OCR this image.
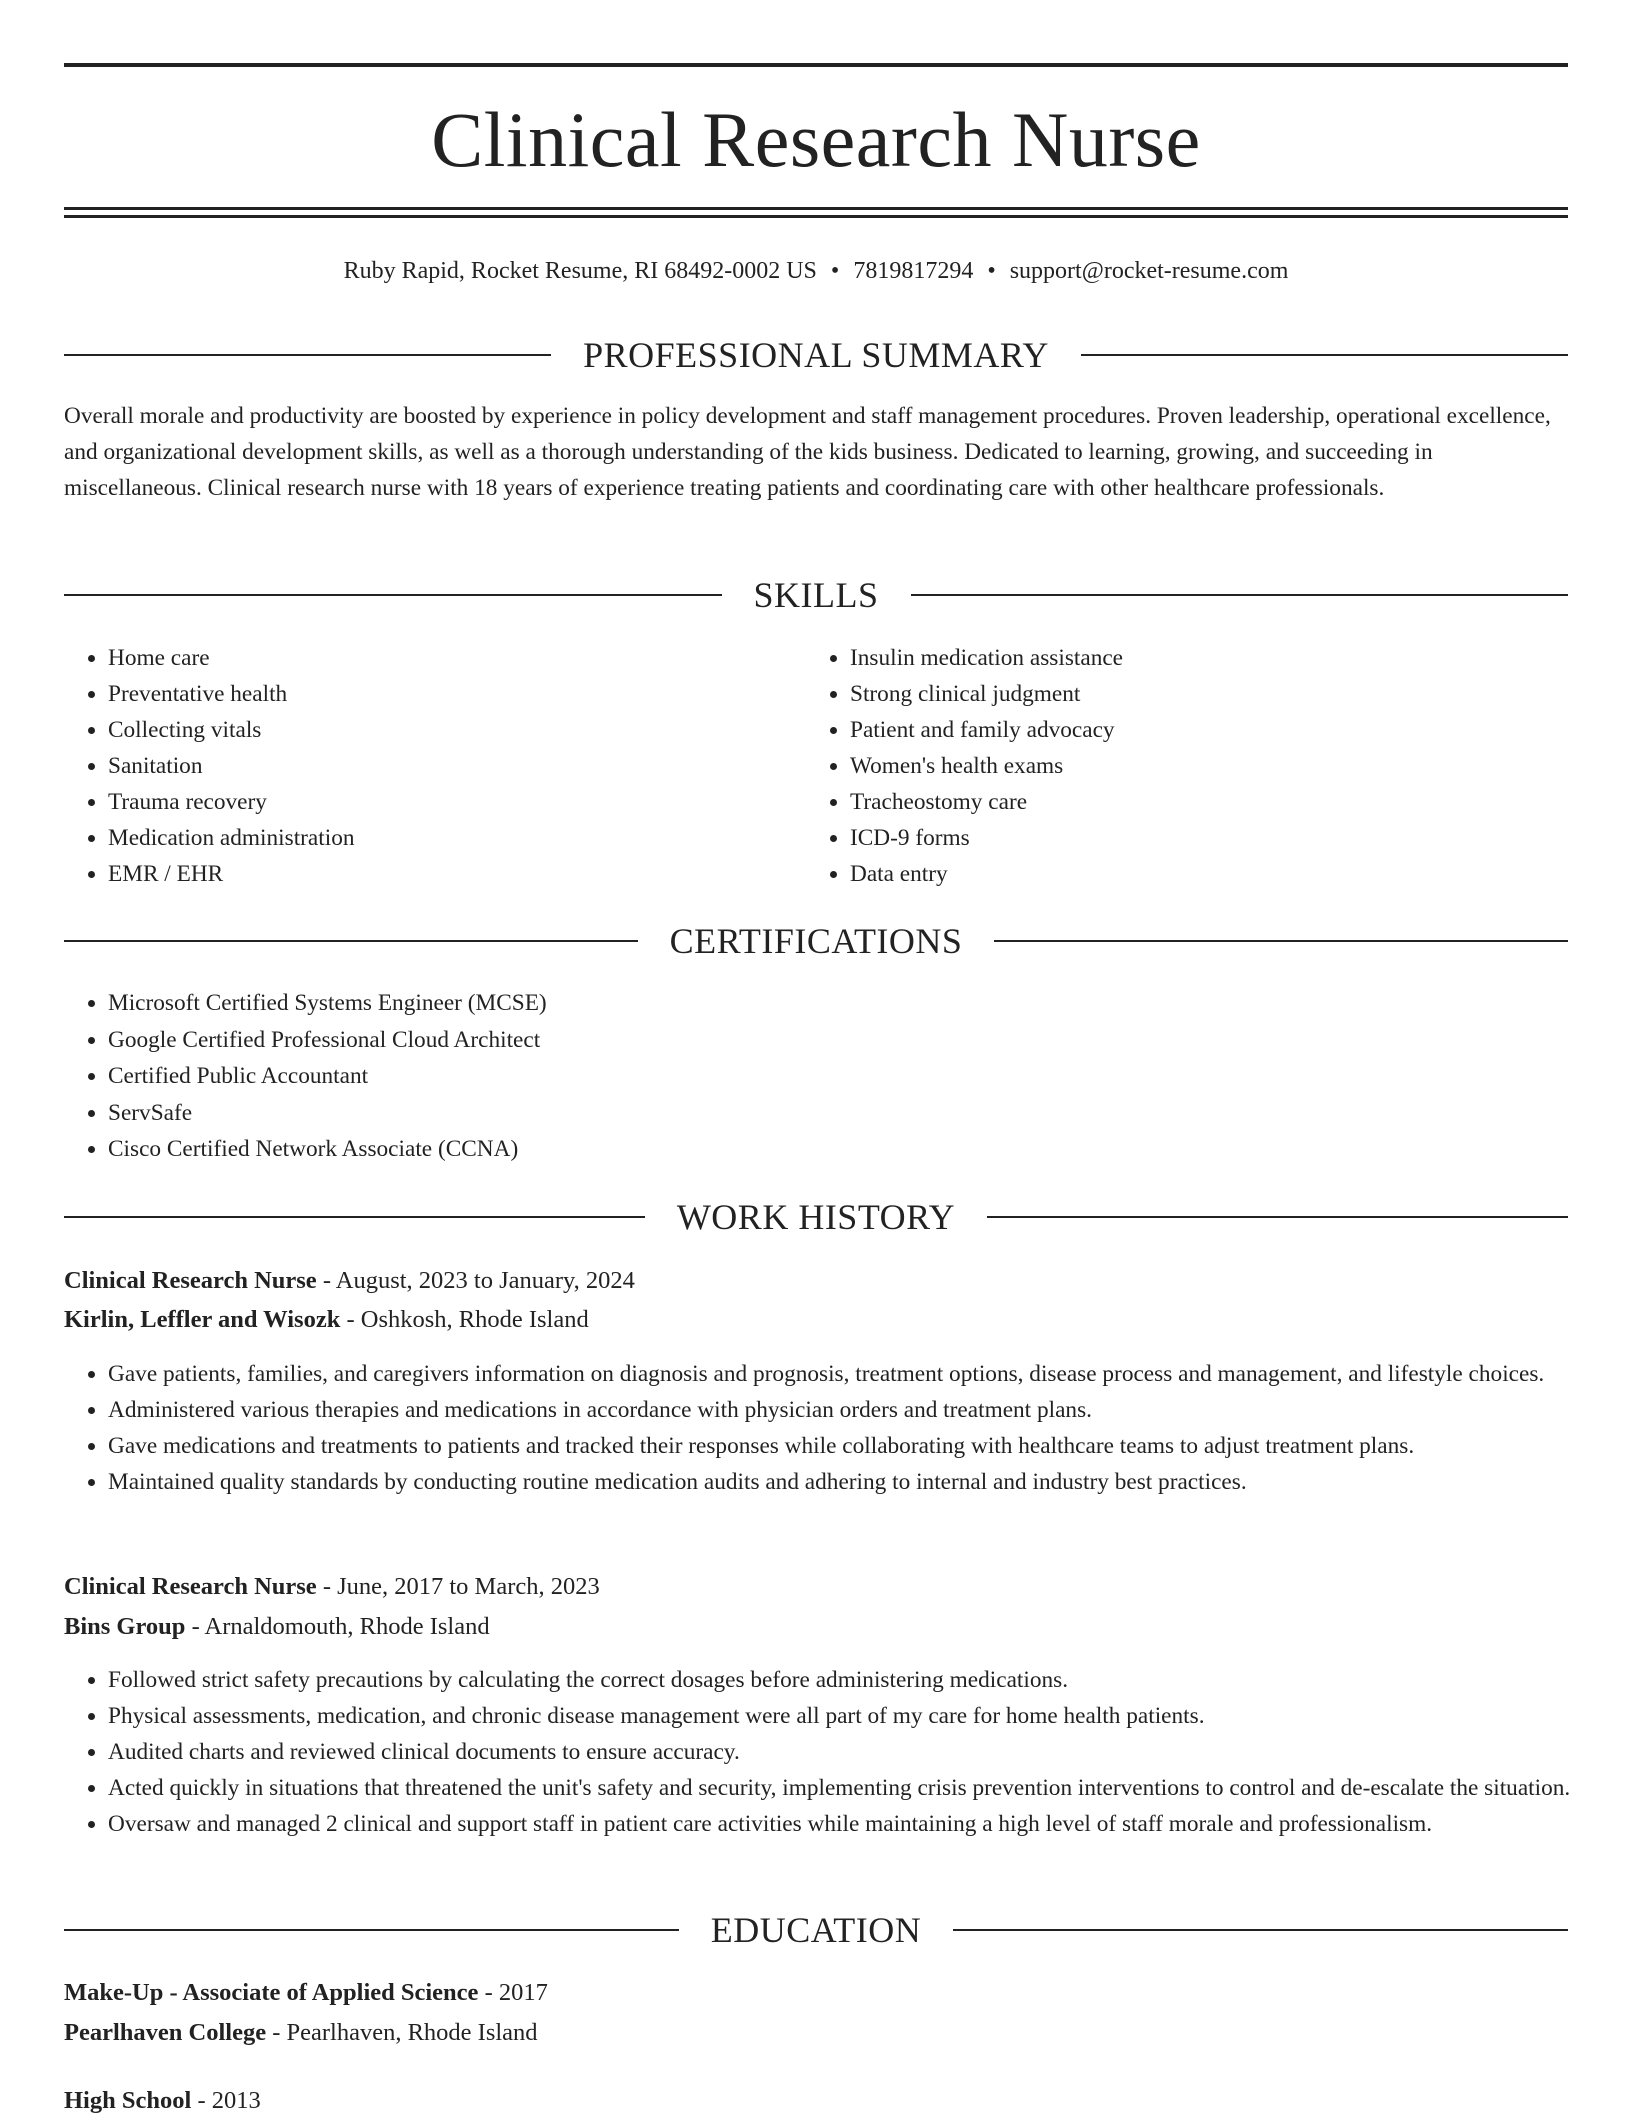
Clinical Research Nurse
Ruby Rapid, Rocket Resume, RI 68492-0002 US • 7819817294 • support@rocket-resume.com
PROFESSIONAL SUMMARY

Overall morale and productivity are boosted by experience in policy development and staff management procedures. Proven leadership, operational excellence, and organizational development skills, as well as a thorough understanding of the kids business. Dedicated to learning, growing, and succeeding in miscellaneous. Clinical research nurse with 18 years of experience treating patients and coordinating care with other healthcare professionals.

SKILLS
• Home care
• Preventative health
• Collecting vitals
• Sanitation
• Trauma recovery
• Medication administration
• EMR / EHR
• Insulin medication assistance
• Strong clinical judgment
• Patient and family advocacy
• Women's health exams
• Tracheostomy care
• ICD-9 forms
• Data entry
CERTIFICATIONS
• Microsoft Certified Systems Engineer (MCSE)
• Google Certified Professional Cloud Architect
• Certified Public Accountant
• ServSafe
• Cisco Certified Network Associate (CCNA)
WORK HISTORY
Clinical Research Nurse - August, 2023 to January, 2024
Kirlin, Leffler and Wisozk - Oshkosh, Rhode Island
• Gave patients, families, and caregivers information on diagnosis and prognosis, treatment options, disease process and management, and lifestyle choices.
• Administered various therapies and medications in accordance with physician orders and treatment plans.
• Gave medications and treatments to patients and tracked their responses while collaborating with healthcare teams to adjust treatment plans.
• Maintained quality standards by conducting routine medication audits and adhering to internal and industry best practices.
Clinical Research Nurse - June, 2017 to March, 2023
Bins Group - Arnaldomouth, Rhode Island
• Followed strict safety precautions by calculating the correct dosages before administering medications.
• Physical assessments, medication, and chronic disease management were all part of my care for home health patients.
• Audited charts and reviewed clinical documents to ensure accuracy.
• Acted quickly in situations that threatened the unit's safety and security, implementing crisis prevention interventions to control and de-escalate the situation.
• Oversaw and managed 2 clinical and support staff in patient care activities while maintaining a high level of staff morale and professionalism.
EDUCATION
Make-Up - Associate of Applied Science - 2017
Pearlhaven College - Pearlhaven, Rhode Island
High School - 2013
